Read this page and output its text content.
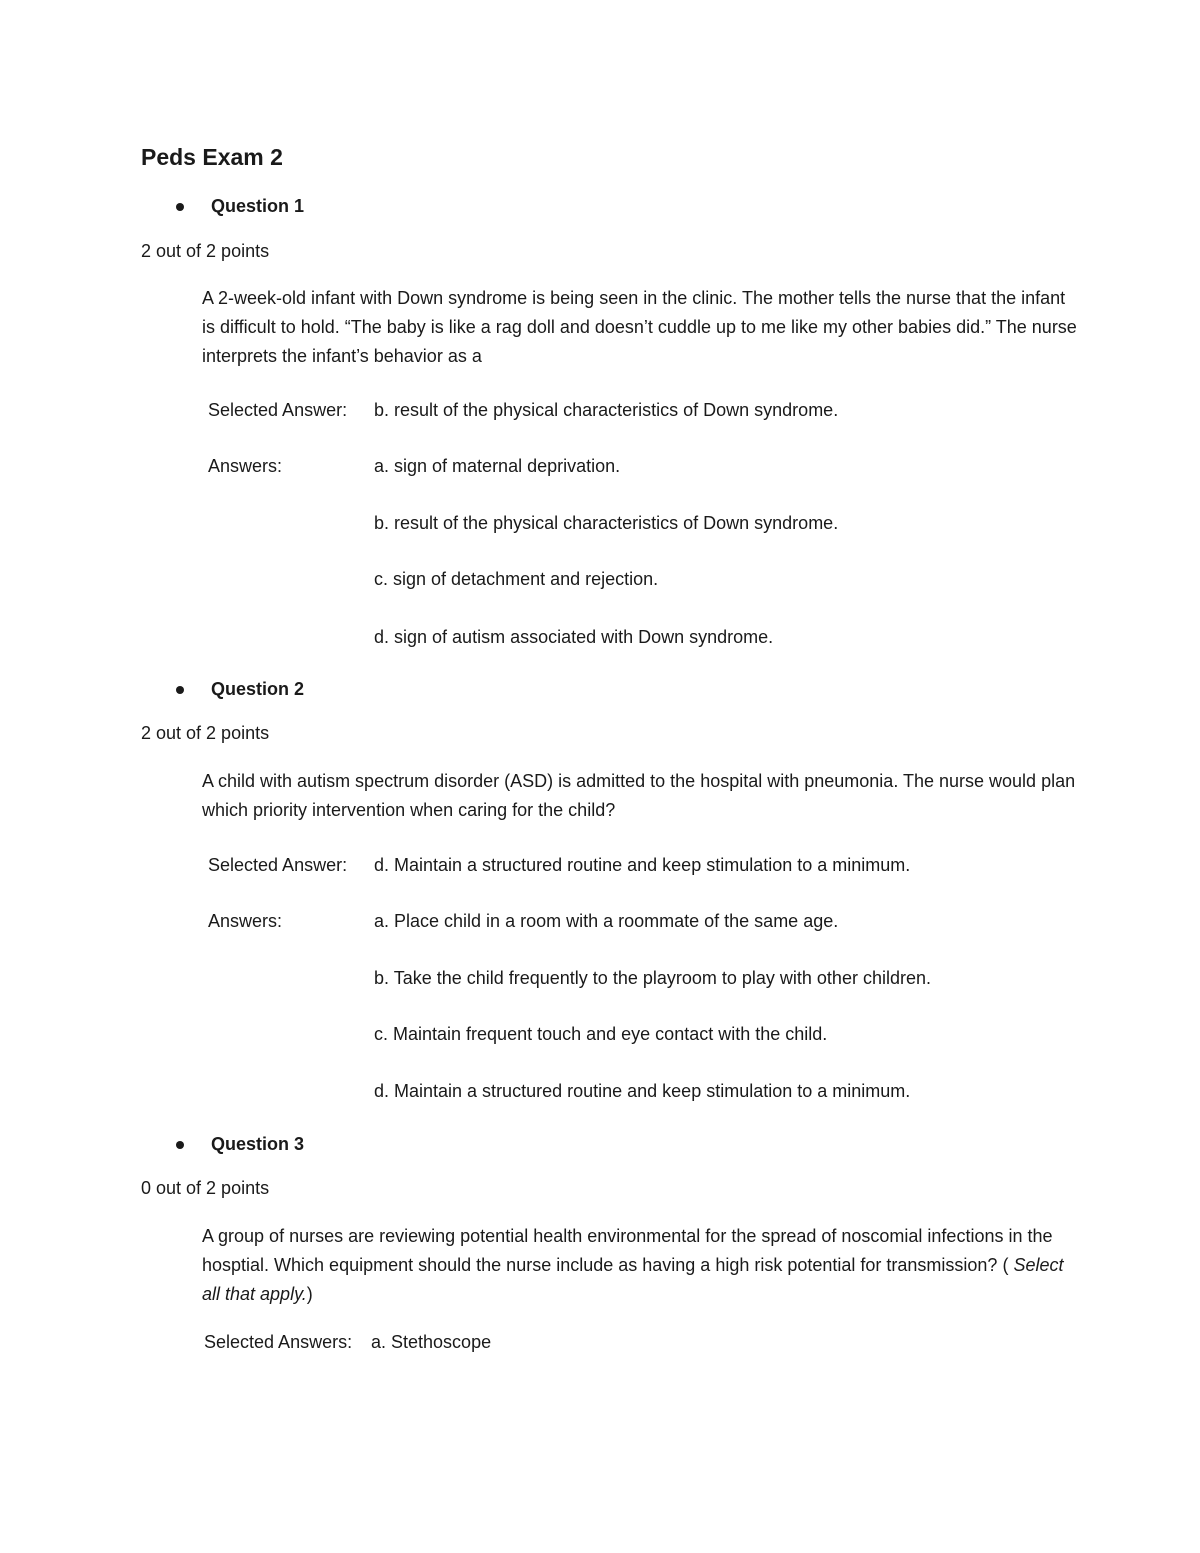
Peds Exam 2
Question 1
2 out of 2 points
A 2-week-old infant with Down syndrome is being seen in the clinic. The mother tells the nurse that the infant is difficult to hold. “The baby is like a rag doll and doesn’t cuddle up to me like my other babies did.” The nurse interprets the infant’s behavior as a
Selected Answer: b. result of the physical characteristics of Down syndrome.
Answers:	a. sign of maternal deprivation.
b. result of the physical characteristics of Down syndrome.
c. sign of detachment and rejection.
d. sign of autism associated with Down syndrome.
Question 2
2 out of 2 points
A child with autism spectrum disorder (ASD) is admitted to the hospital with pneumonia. The nurse would plan which priority intervention when caring for the child?
Selected Answer: d. Maintain a structured routine and keep stimulation to a minimum.
Answers:	a. Place child in a room with a roommate of the same age.
b. Take the child frequently to the playroom to play with other children.
c. Maintain frequent touch and eye contact with the child.
d. Maintain a structured routine and keep stimulation to a minimum.
Question 3
0 out of 2 points
A group of nurses are reviewing potential health environmental for the spread of noscomial infections in the hosptial. Which equipment should the nurse include as having a high risk potential for transmission? ( Select all that apply.)
Selected Answers: a. Stethoscope
